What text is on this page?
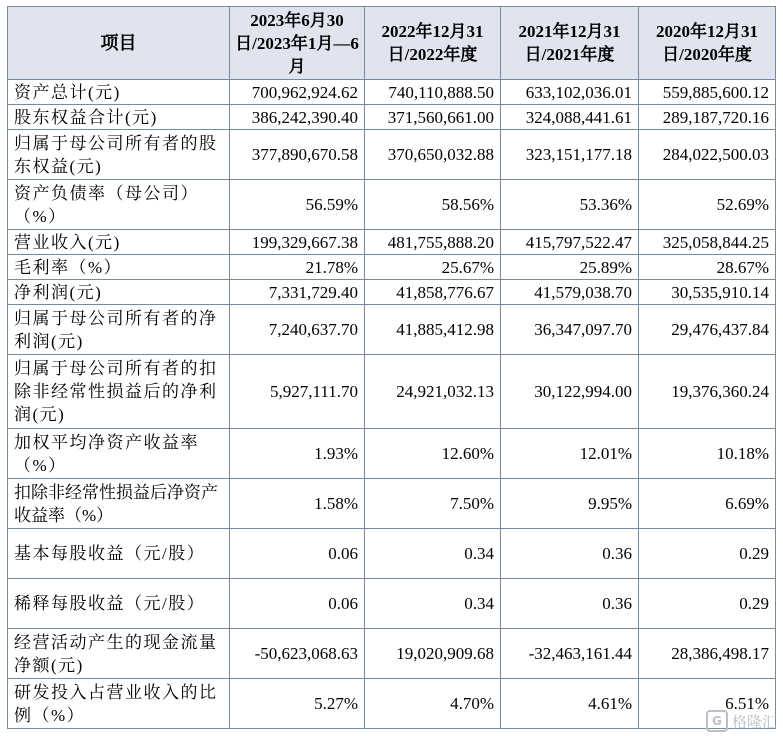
项目	2023年6月30日/2023年1月—6月	2022年12月31日/2022年度	2021年12月31日/2021年度	2020年12月31日/2020年度
资产总计(元)	700,962,924.62	740,110,888.50	633,102,036.01	559,885,600.12
股东权益合计(元)	386,242,390.40	371,560,661.00	324,088,441.61	289,187,720.16
归属于母公司所有者的股东权益(元)	377,890,670.58	370,650,032.88	323,151,177.18	284,022,500.03
资产负债率（母公司）（%）	56.59%	58.56%	53.36%	52.69%
营业收入(元)	199,329,667.38	481,755,888.20	415,797,522.47	325,058,844.25
毛利率（%）	21.78%	25.67%	25.89%	28.67%
净利润(元)	7,331,729.40	41,858,776.67	41,579,038.70	30,535,910.14
归属于母公司所有者的净利润(元)	7,240,637.70	41,885,412.98	36,347,097.70	29,476,437.84
归属于母公司所有者的扣除非经常性损益后的净利润(元)	5,927,111.70	24,921,032.13	30,122,994.00	19,376,360.24
加权平均净资产收益率（%）	1.93%	12.60%	12.01%	10.18%
扣除非经常性损益后净资产收益率（%）	1.58%	7.50%	9.95%	6.69%
基本每股收益（元/股）	0.06	0.34	0.36	0.29
稀释每股收益（元/股）	0.06	0.34	0.36	0.29
经营活动产生的现金流量净额(元)	-50,623,068.63	19,020,909.68	-32,463,161.44	28,386,498.17
研发投入占营业收入的比例（%）	5.27%	4.70%	4.61%	6.51%
G 格隆汇
